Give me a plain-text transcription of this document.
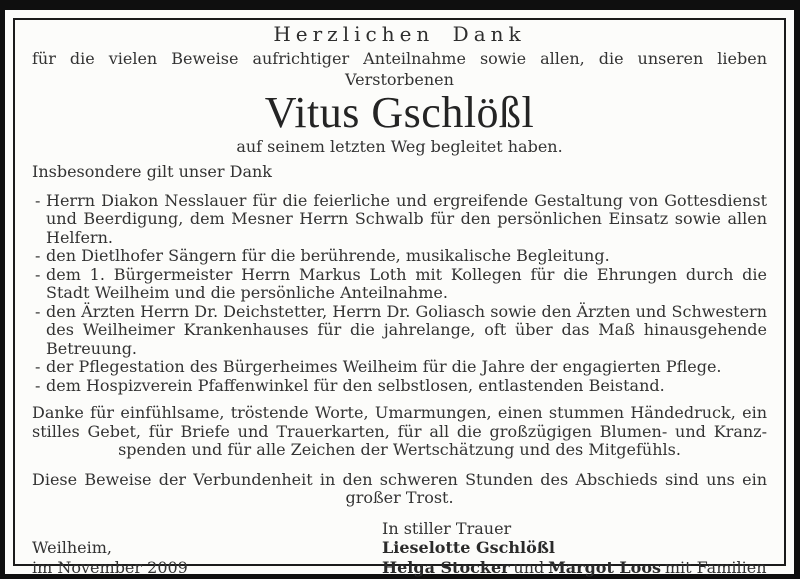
Herzlichen Dank
für die vielen Beweise aufrichtiger Anteilnahme sowie allen, die unseren lieben
Verstorbenen
Vitus Gschlößl
auf seinem letzten Weg begleitet haben.
Insbesondere gilt unser Dank
- Herrn Diakon Nesslauer für die feierliche und ergreifende Gestaltung von Gottesdienst und Beerdigung, dem Mesner Herrn Schwalb für den persönlichen Einsatz sowie allen Helfern.
- den Dietlhofer Sängern für die berührende, musikalische Begleitung.
- dem 1. Bürgermeister Herrn Markus Loth mit Kollegen für die Ehrungen durch die Stadt Weilheim und die persönliche Anteilnahme.
- den Ärzten Herrn Dr. Deichstetter, Herrn Dr. Goliasch sowie den Ärzten und Schwestern des Weilheimer Krankenhauses für die jahrelange, oft über das Maß hinausgehende Betreuung.
- der Pflegestation des Bürgerheimes Weilheim für die Jahre der engagierten Pflege.
- dem Hospizverein Pfaffenwinkel für den selbstlosen, entlastenden Beistand.
Danke für einfühlsame, tröstende Worte, Umarmungen, einen stummen Händedruck, ein stilles Gebet, für Briefe und Trauerkarten, für all die großzügigen Blumen- und Kranzspenden und für alle Zeichen der Wertschätzung und des Mitgefühls.
Diese Beweise der Verbundenheit in den schweren Stunden des Abschieds sind uns ein großer Trost.
Weilheim,
im November 2009
In stiller Trauer
Lieselotte Gschlößl
Helga Stocker und Margot Loos mit Familien
